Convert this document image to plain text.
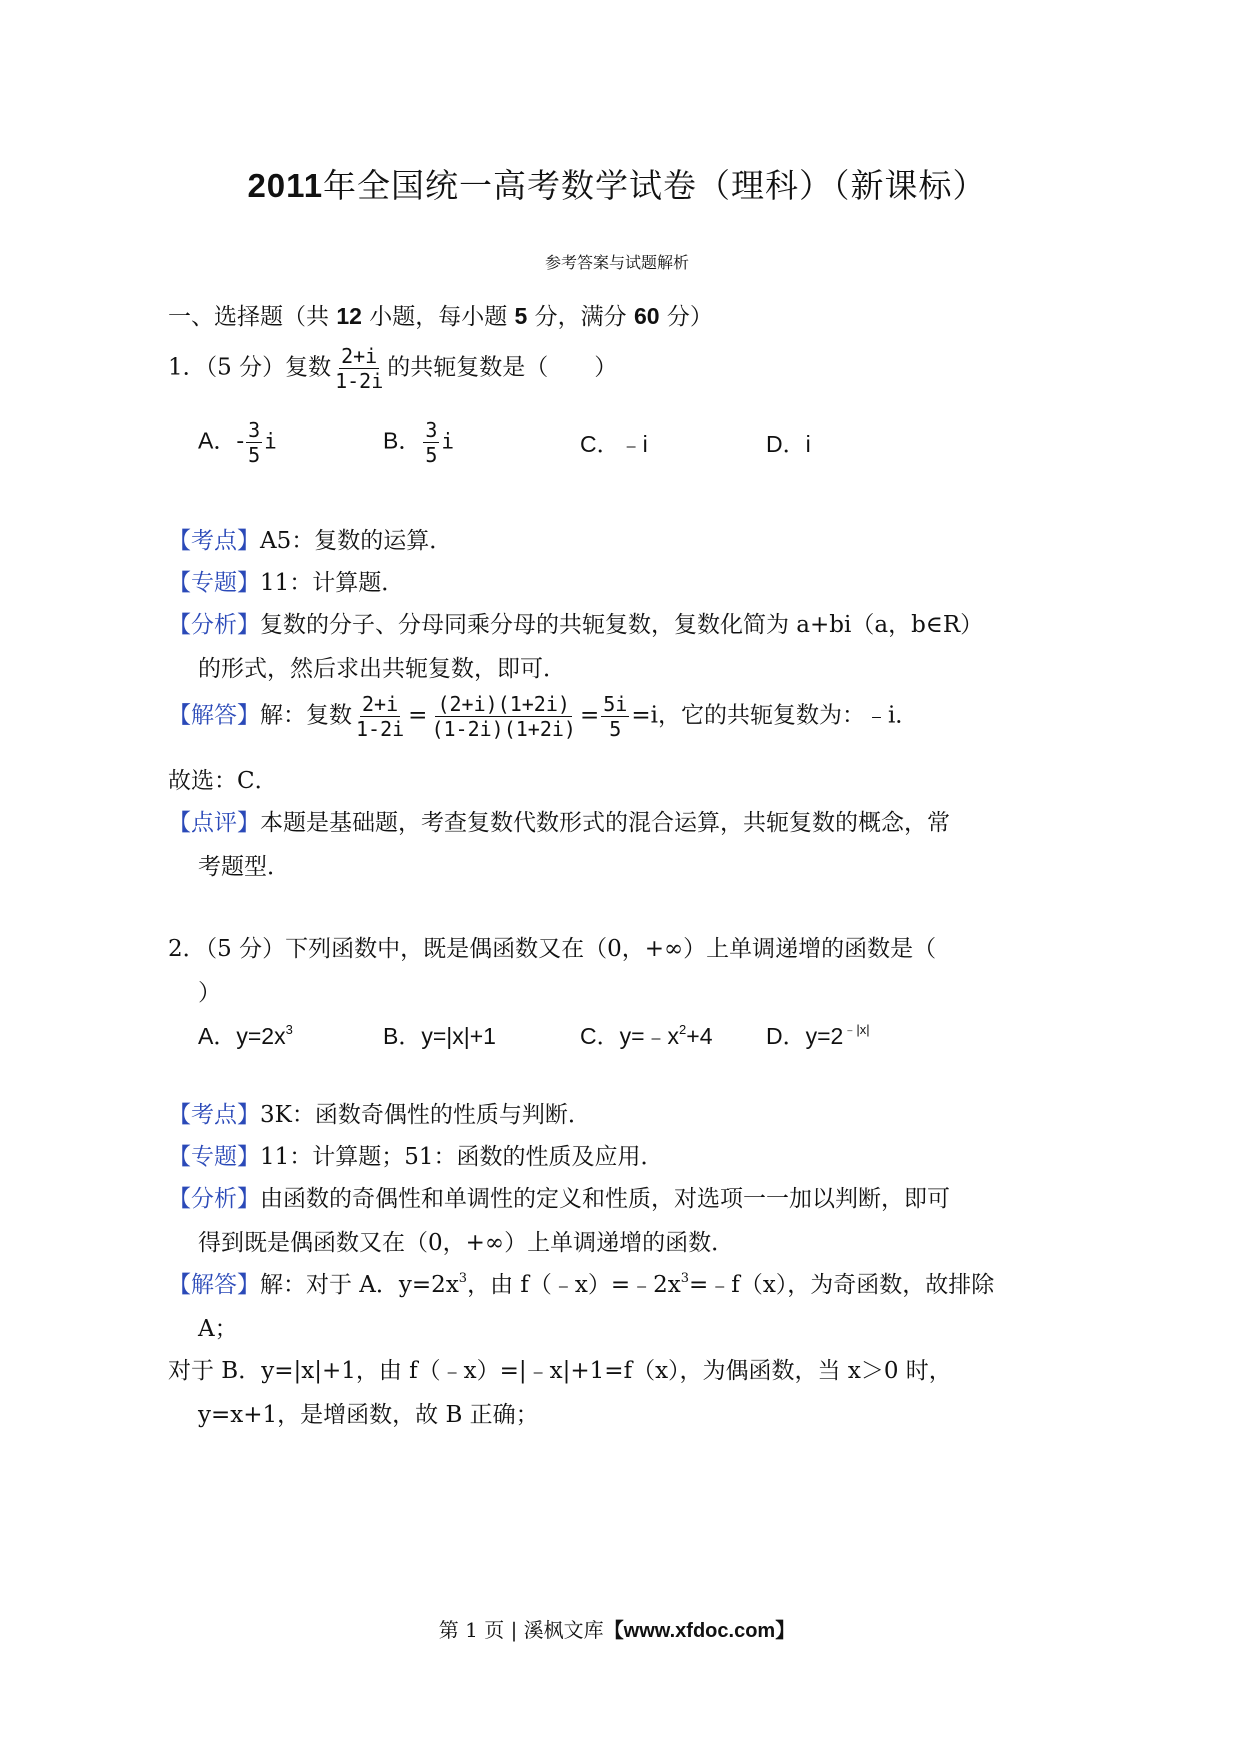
2011年全国统一高考数学试卷（理科）（新课标）
参考答案与试题解析
一、选择题（共 12 小题，每小题 5 分，满分 60 分）
1．（5 分）复数 $\frac{2+i}{1-2i}$ 的共轭复数是（　　）
A．- $\frac{3}{5}$ i	B． $\frac{3}{5}$ i	C．﹣i	D．i
【考点】A5：复数的运算．
【专题】11：计算题．
【分析】复数的分子、分母同乘分母的共轭复数，复数化简为 a+bi（a，b∈R）
的形式，然后求出共轭复数，即可．
【解答】解：复数 $\frac{2+i}{1-2i} = \frac{(2+i)(1+2i)}{(1-2i)(1+2i)} = \frac{5i}{5} =i$，它的共轭复数为：﹣i．
故选：C．
【点评】本题是基础题，考查复数代数形式的混合运算，共轭复数的概念，常
考题型．
2．（5 分）下列函数中，既是偶函数又在（0，+∞）上单调递增的函数是（
）
A．$y=2x^3$	B．y=|x|+1	C．$y=﹣x^2+4$ D．$y=2^{﹣|x|}$
【考点】3K：函数奇偶性的性质与判断．
【专题】11：计算题；51：函数的性质及应用．
【分析】由函数的奇偶性和单调性的定义和性质，对选项一一加以判断，即可
得到既是偶函数又在（0，+∞）上单调递增的函数．
【解答】解：对于 A．$y=2x^3$，由 $f(﹣x)=﹣2x^3=﹣f(x)$，为奇函数，故排除
A；
对于 B．y=|x|+1，由 f（﹣x）=|﹣x|+1=f（x），为偶函数，当 x＞0 时，
y=x+1，是增函数，故 B 正确；
第 1 页 | 溪枫文库【www.xfdoc.com】
